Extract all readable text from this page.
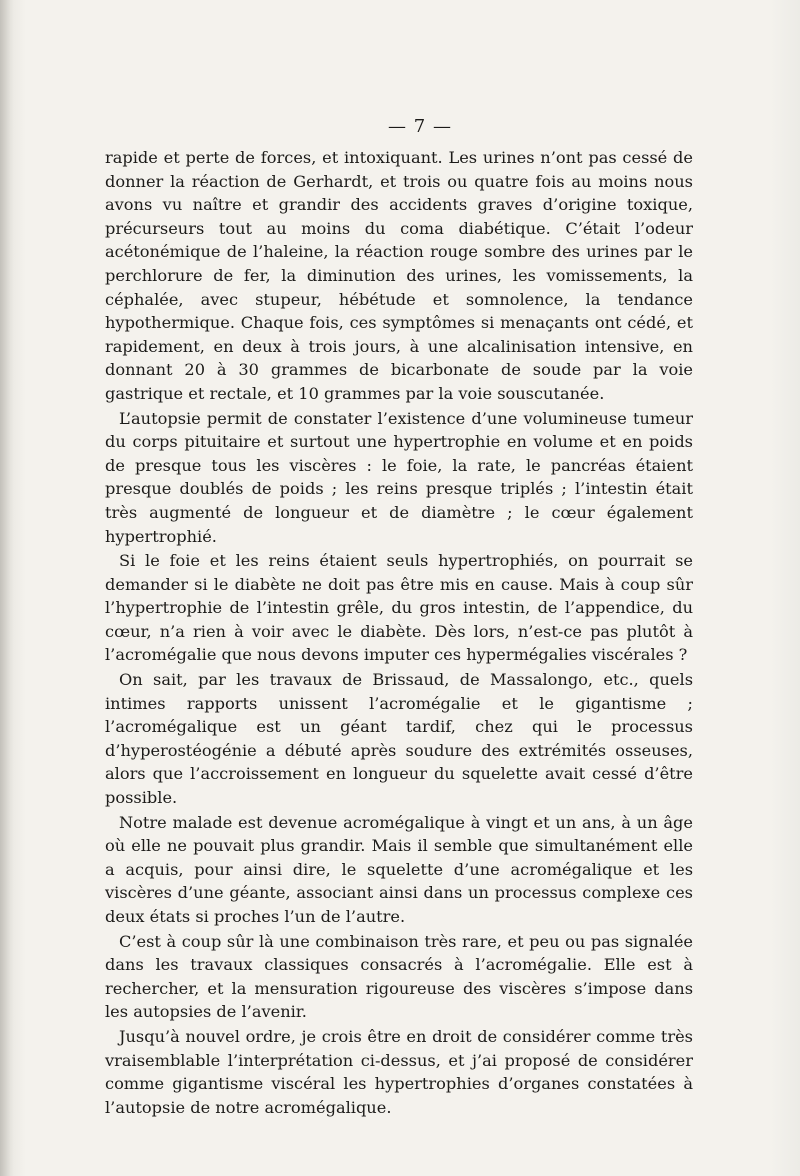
— 7 —

rapide et perte de forces, et intoxiquant. Les urines n’ont pas cessé de donner la réaction de Gerhardt, et trois ou quatre fois au moins nous avons vu naître et grandir des accidents graves d’origine toxique, précurseurs tout au moins du coma diabétique. C’était l’odeur acétonémique de l’haleine, la réaction rouge sombre des urines par le perchlorure de fer, la diminution des urines, les vomissements, la céphalée, avec stupeur, hébétude et somnolence, la tendance hypothermique. Chaque fois, ces symptômes si menaçants ont cédé, et rapidement, en deux à trois jours, à une alcalinisation intensive, en donnant 20 à 30 grammes de bicarbonate de soude par la voie gastrique et rectale, et 10 grammes par la voie souscutanée.

L’autopsie permit de constater l’existence d’une volumineuse tumeur du corps pituitaire et surtout une hypertrophie en volume et en poids de presque tous les viscères : le foie, la rate, le pancréas étaient presque doublés de poids ; les reins presque triplés ; l’intestin était très augmenté de longueur et de diamètre ; le cœur également hypertrophié.

Si le foie et les reins étaient seuls hypertrophiés, on pourrait se demander si le diabète ne doit pas être mis en cause. Mais à coup sûr l’hypertrophie de l’intestin grêle, du gros intestin, de l’appendice, du cœur, n’a rien à voir avec le diabète. Dès lors, n’est-ce pas plutôt à l’acromégalie que nous devons imputer ces hypermégalies viscérales ?

On sait, par les travaux de Brissaud, de Massalongo, etc., quels intimes rapports unissent l’acromégalie et le gigantisme ; l’acromégalique est un géant tardif, chez qui le processus d’hyperostéogénie a débuté après soudure des extrémités osseuses, alors que l’accroissement en longueur du squelette avait cessé d’être possible.

Notre malade est devenue acromégalique à vingt et un ans, à un âge où elle ne pouvait plus grandir. Mais il semble que simultanément elle a acquis, pour ainsi dire, le squelette d’une acromégalique et les viscères d’une géante, associant ainsi dans un processus complexe ces deux états si proches l’un de l’autre.

C’est à coup sûr là une combinaison très rare, et peu ou pas signalée dans les travaux classiques consacrés à l’acromégalie. Elle est à rechercher, et la mensuration rigoureuse des viscères s’impose dans les autopsies de l’avenir.

Jusqu’à nouvel ordre, je crois être en droit de considérer comme très vraisemblable l’interprétation ci-dessus, et j’ai proposé de considérer comme gigantisme viscéral les hypertrophies d’organes constatées à l’autopsie de notre acromégalique.
